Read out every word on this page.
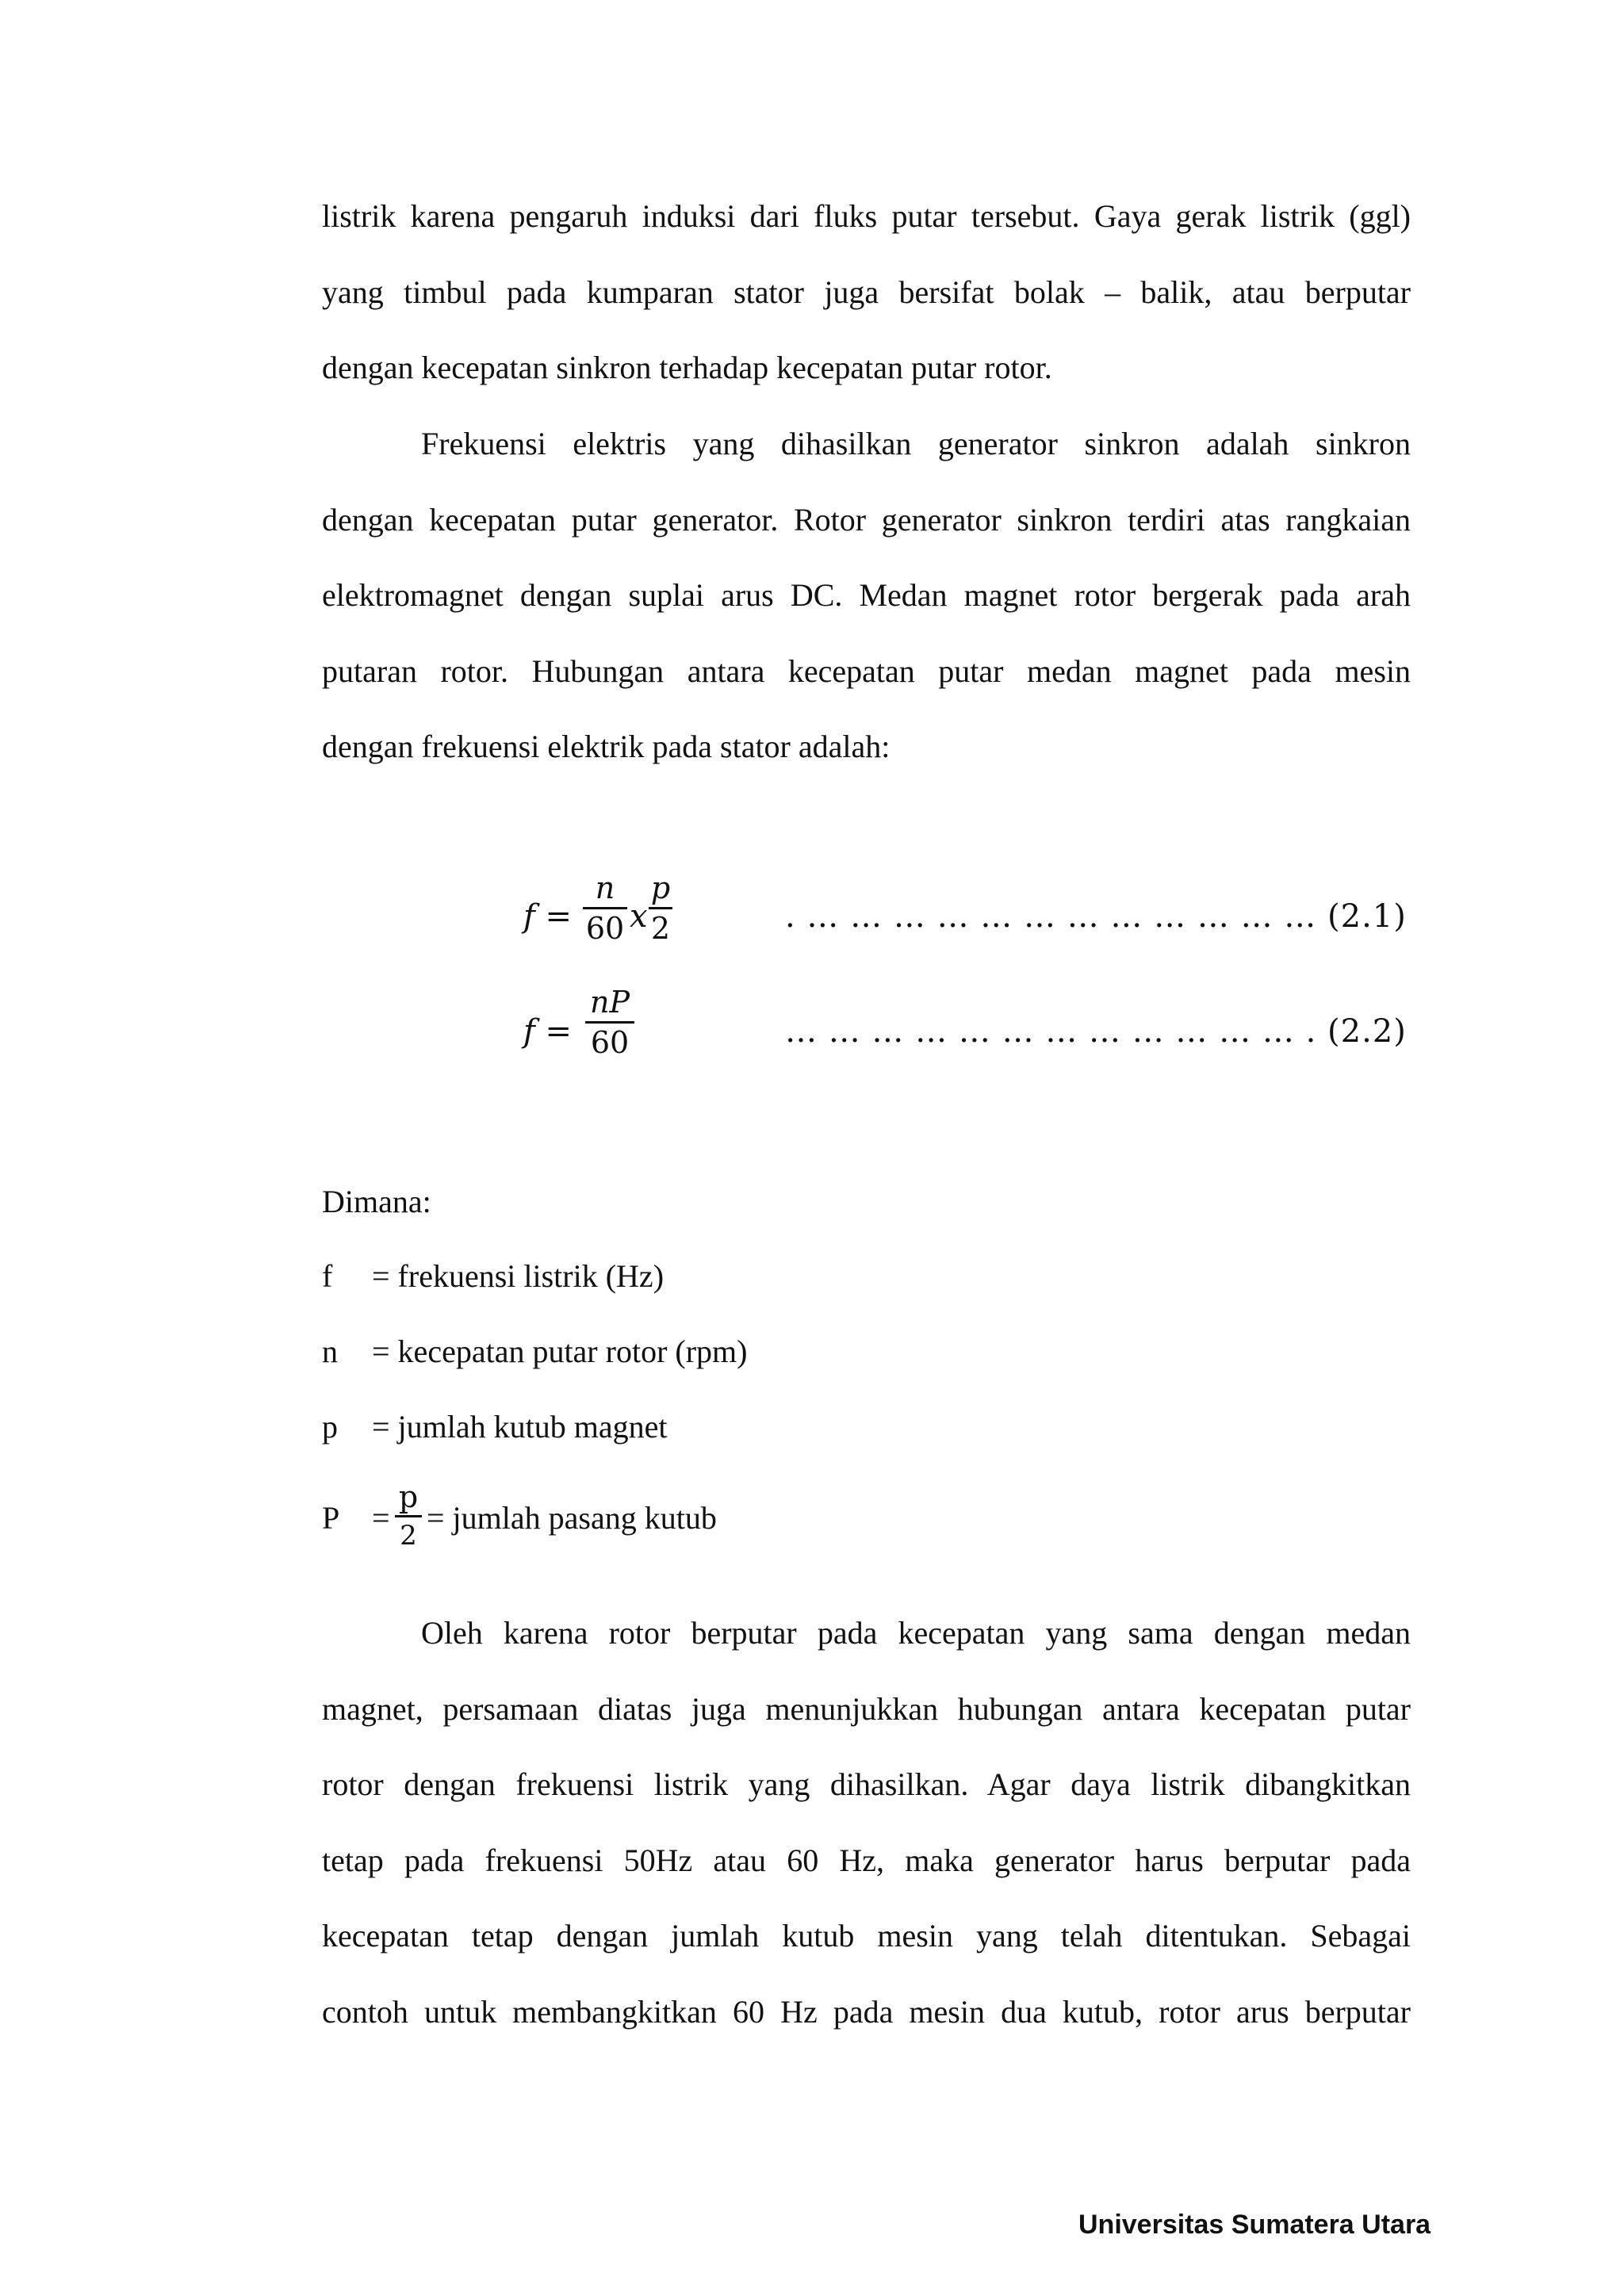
listrik karena pengaruh induksi dari fluks putar tersebut. Gaya gerak listrik (ggl)
yang timbul pada kumparan stator juga bersifat bolak – balik, atau berputar
dengan kecepatan sinkron terhadap kecepatan putar rotor.
Frekuensi elektris yang dihasilkan generator sinkron adalah sinkron
dengan kecepatan putar generator. Rotor generator sinkron terdiri atas rangkaian
elektromagnet dengan suplai arus DC. Medan magnet rotor bergerak pada arah
putaran rotor. Hubungan antara kecepatan putar medan magnet pada mesin
dengan frekuensi elektrik pada stator adalah:
$f = \frac{n}{60}$ x $\frac{p}{2}$	. … … … … … … … … … … … … (2.1)
$f = \frac{nP}{60}$	… … … … … … … … … … … … . (2.2)
Dimana:
f	= frekuensi listrik (Hz)
n	= kecepatan putar rotor (rpm)
p	= jumlah kutub magnet
P	= $\frac{p}{2}$ = jumlah pasang kutub
Oleh karena rotor berputar pada kecepatan yang sama dengan medan
magnet, persamaan diatas juga menunjukkan hubungan antara kecepatan putar
rotor dengan frekuensi listrik yang dihasilkan. Agar daya listrik dibangkitkan
tetap pada frekuensi 50Hz atau 60 Hz, maka generator harus berputar pada
kecepatan tetap dengan jumlah kutub mesin yang telah ditentukan. Sebagai
contoh untuk membangkitkan 60 Hz pada mesin dua kutub, rotor arus berputar
Universitas Sumatera Utara
